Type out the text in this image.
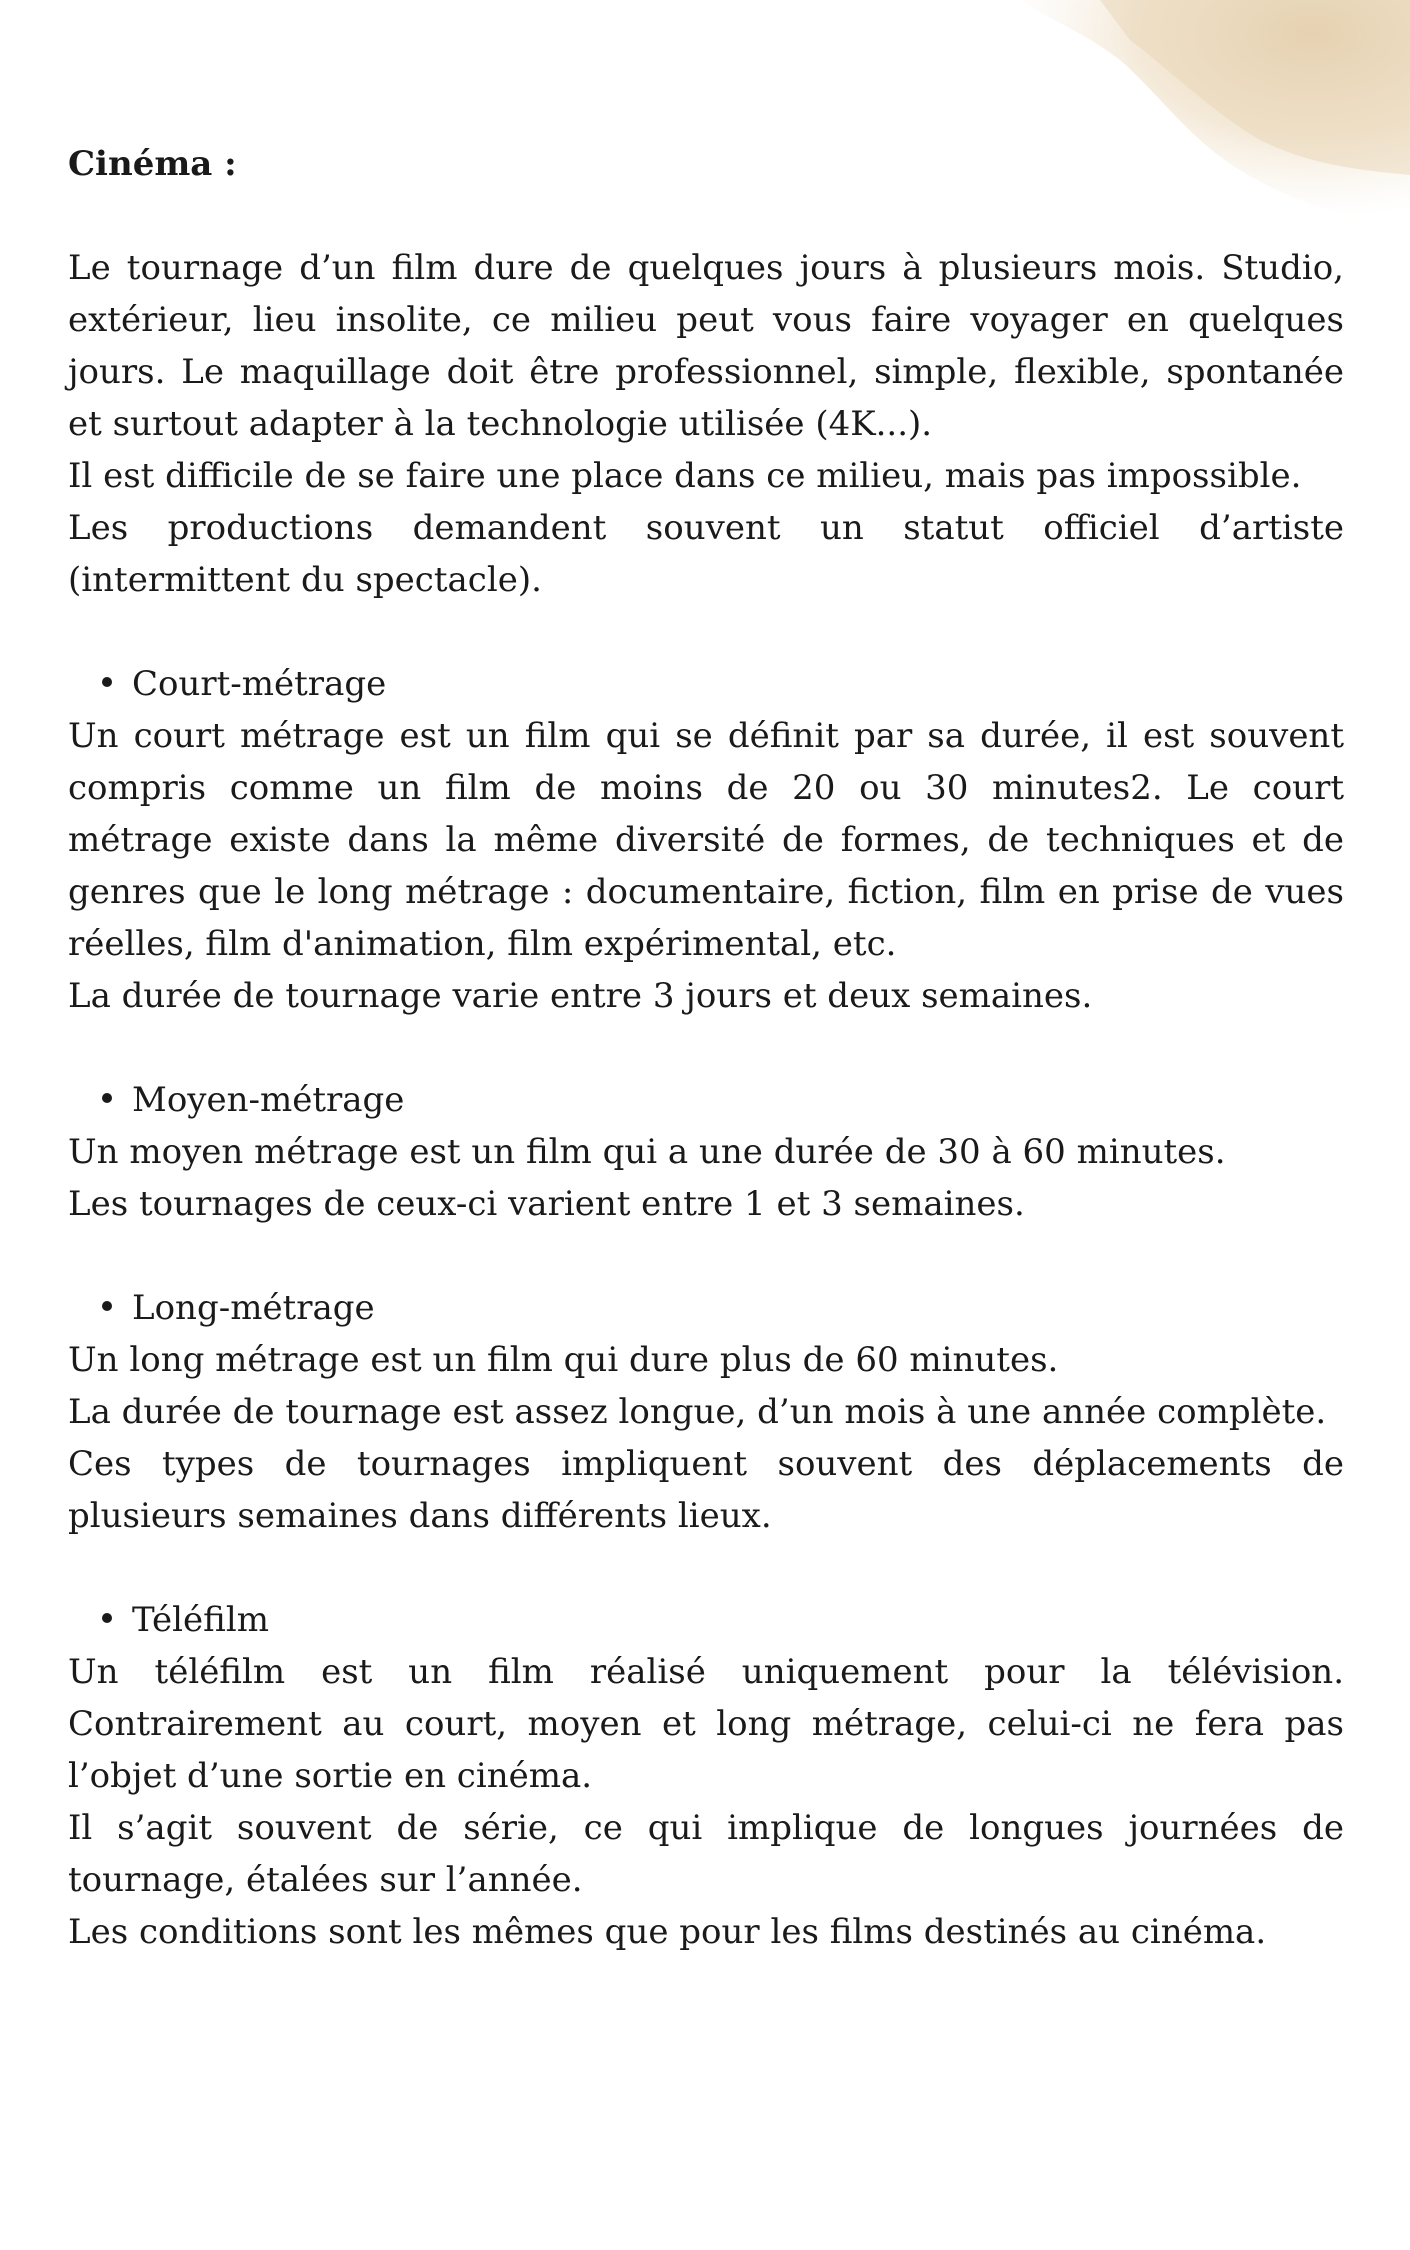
Cinéma :

Le tournage d’un film dure de quelques jours à plusieurs mois. Studio, extérieur, lieu insolite, ce milieu peut vous faire voyager en quelques jours. Le maquillage doit être professionnel, simple, flexible, spontanée et surtout adapter à la technologie utilisée (4K...).

Il est difficile de se faire une place dans ce milieu, mais pas impossible.

Les productions demandent souvent un statut officiel d’artiste (intermittent du spectacle).

Court-métrage

Un court métrage est un film qui se définit par sa durée, il est souvent compris comme un film de moins de 20 ou 30 minutes2. Le court métrage existe dans la même diversité de formes, de techniques et de genres que le long métrage : documentaire, fiction, film en prise de vues réelles, film d'animation, film expérimental, etc.

La durée de tournage varie entre 3 jours et deux semaines.

Moyen-métrage

Un moyen métrage est un film qui a une durée de 30 à 60 minutes.

Les tournages de ceux-ci varient entre 1 et 3 semaines.

Long-métrage

Un long métrage est un film qui dure plus de 60 minutes.

La durée de tournage est assez longue, d’un mois à une année complète.

Ces types de tournages impliquent souvent des déplacements de plusieurs semaines dans différents lieux.

Téléfilm

Un téléfilm est un film réalisé uniquement pour la télévision. Contrairement au court, moyen et long métrage, celui-ci ne fera pas l’objet d’une sortie en cinéma.

Il s’agit souvent de série, ce qui implique de longues journées de tournage, étalées sur l’année.

Les conditions sont les mêmes que pour les films destinés au cinéma.
